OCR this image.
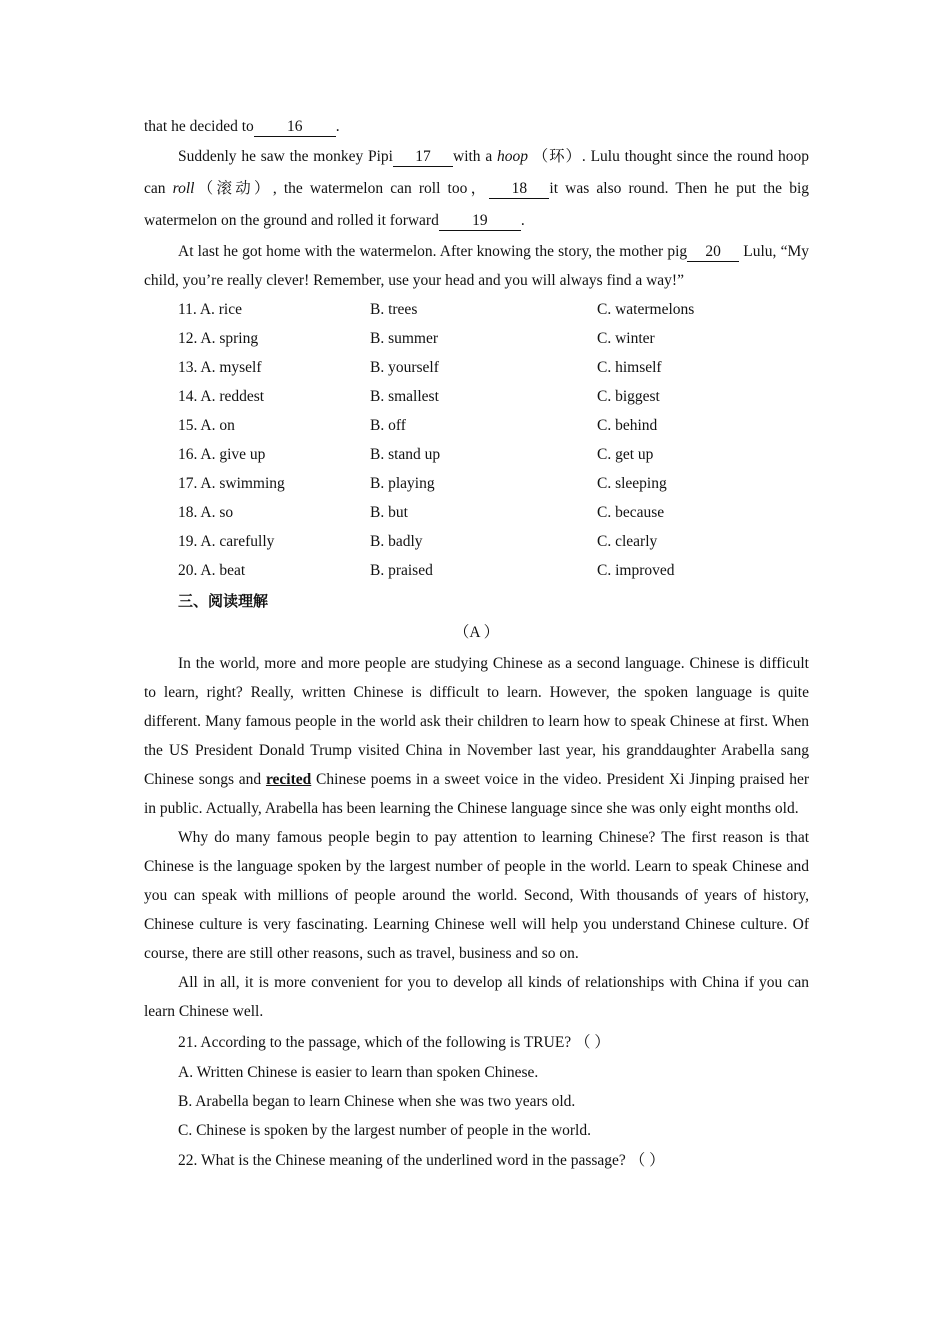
that he decided to 16 .

Suddenly he saw the monkey Pipi 17 with a hoop （环）. Lulu thought since the round hoop can roll（滚动）, the watermelon can roll too， 18 it was also round. Then he put the big watermelon on the ground and rolled it forward 19 .

At last he got home with the watermelon. After knowing the story, the mother pig 20 Lulu, “My child, you’re really clever! Remember, use your head and you will always find a way!”

11. A. rice	B. trees	C. watermelons
12. A. spring	B. summer	C. winter
13. A. myself	B. yourself	C. himself
14. A. reddest	B. smallest	C. biggest
15. A. on	B. off	C. behind
16. A. give up	B. stand up	C. get up
17. A. swimming	B. playing	C. sleeping
18. A. so	B. but	C. because
19. A. carefully	B. badly	C. clearly
20. A. beat	B. praised	C. improved
三、阅读理解
（A ）

In the world, more and more people are studying Chinese as a second language. Chinese is difficult to learn, right? Really, written Chinese is difficult to learn. However, the spoken language is quite different. Many famous people in the world ask their children to learn how to speak Chinese at first. When the US President Donald Trump visited China in November last year, his granddaughter Arabella sang Chinese songs and recited Chinese poems in a sweet voice in the video. President Xi Jinping praised her in public. Actually, Arabella has been learning the Chinese language since she was only eight months old.

Why do many famous people begin to pay attention to learning Chinese? The first reason is that Chinese is the language spoken by the largest number of people in the world. Learn to speak Chinese and you can speak with millions of people around the world. Second, With thousands of years of history, Chinese culture is very fascinating. Learning Chinese well will help you understand Chinese culture. Of course, there are still other reasons, such as travel, business and so on.

All in all, it is more convenient for you to develop all kinds of relationships with China if you can learn Chinese well.

21. According to the passage, which of the following is TRUE? （ ）
A. Written Chinese is easier to learn than spoken Chinese.
B. Arabella began to learn Chinese when she was two years old.
C. Chinese is spoken by the largest number of people in the world.
22. What is the Chinese meaning of the underlined word in the passage? （ ）
